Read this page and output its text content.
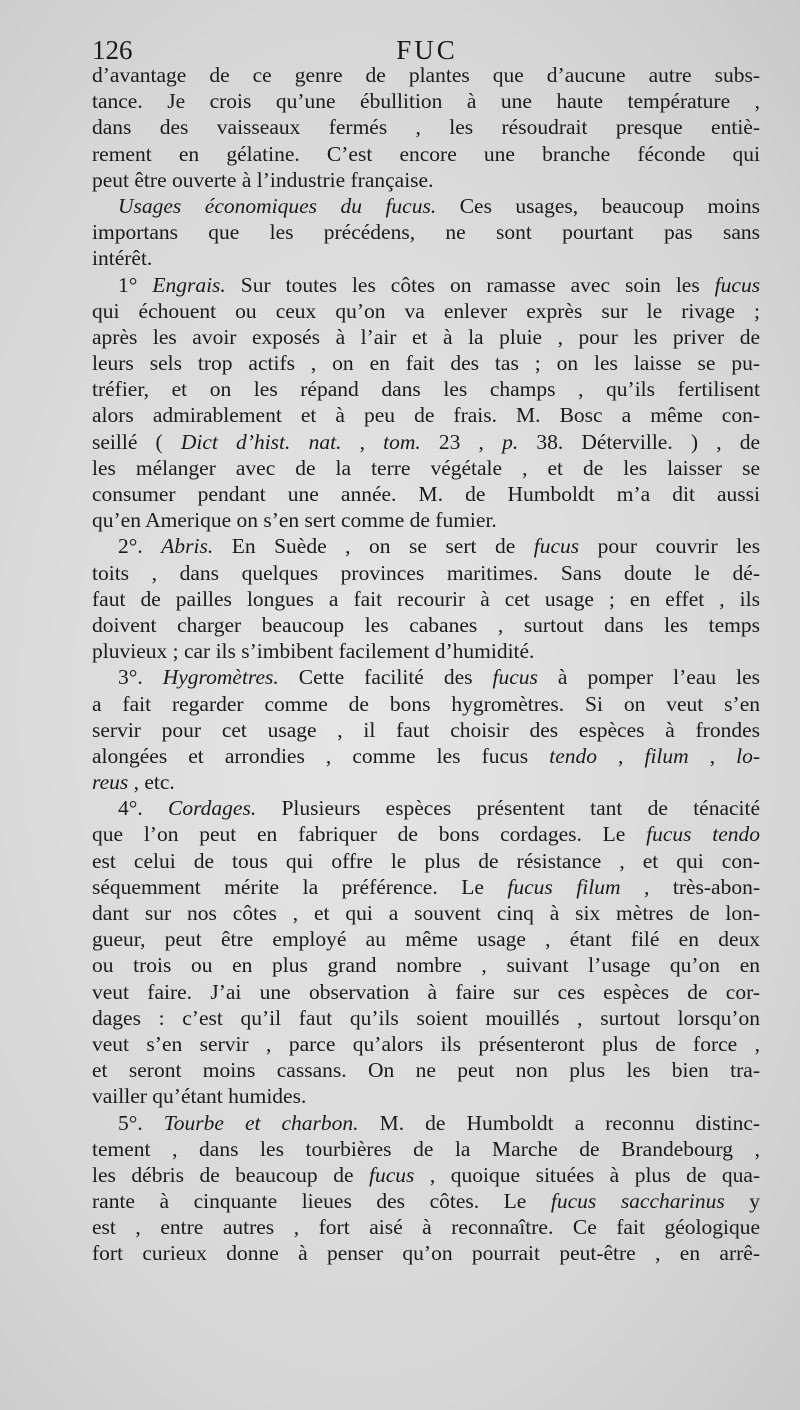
126	FUC
d’avantage de ce genre de plantes que d’aucune autre subs-
tance. Je crois qu’une ébullition à une haute température ,
dans des vaisseaux fermés , les résoudrait presque entiè-
rement en gélatine. C’est encore une branche féconde qui
peut être ouverte à l’industrie française.
Usages économiques du fucus. Ces usages, beaucoup moins
importans que les précédens, ne sont pourtant pas sans
intérêt.
1° Engrais. Sur toutes les côtes on ramasse avec soin les fucus
qui échouent ou ceux qu’on va enlever exprès sur le rivage ;
après les avoir exposés à l’air et à la pluie , pour les priver de
leurs sels trop actifs , on en fait des tas ; on les laisse se pu-
tréfier, et on les répand dans les champs , qu’ils fertilisent
alors admirablement et à peu de frais. M. Bosc a même con-
seillé ( Dict d’hist. nat. , tom. 23 , p. 38. Déterville. ) , de
les mélanger avec de la terre végétale , et de les laisser se
consumer pendant une année. M. de Humboldt m’a dit aussi
qu’en Amerique on s’en sert comme de fumier.
2°. Abris. En Suède , on se sert de fucus pour couvrir les
toits , dans quelques provinces maritimes. Sans doute le dé-
faut de pailles longues a fait recourir à cet usage ; en effet , ils
doivent charger beaucoup les cabanes , surtout dans les temps
pluvieux ; car ils s’imbibent facilement d’humidité.
3°. Hygromètres. Cette facilité des fucus à pomper l’eau les
a fait regarder comme de bons hygromètres. Si on veut s’en
servir pour cet usage , il faut choisir des espèces à frondes
alongées et arrondies , comme les fucus tendo , filum , lo-
reus , etc.
4°. Cordages. Plusieurs espèces présentent tant de ténacité
que l’on peut en fabriquer de bons cordages. Le fucus tendo
est celui de tous qui offre le plus de résistance , et qui con-
séquemment mérite la préférence. Le fucus filum , très-abon-
dant sur nos côtes , et qui a souvent cinq à six mètres de lon-
gueur, peut être employé au même usage , étant filé en deux
ou trois ou en plus grand nombre , suivant l’usage qu’on en
veut faire. J’ai une observation à faire sur ces espèces de cor-
dages : c’est qu’il faut qu’ils soient mouillés , surtout lorsqu’on
veut s’en servir , parce qu’alors ils présenteront plus de force ,
et seront moins cassans. On ne peut non plus les bien tra-
vailler qu’étant humides.
5°. Tourbe et charbon. M. de Humboldt a reconnu distinc-
tement , dans les tourbières de la Marche de Brandebourg ,
les débris de beaucoup de fucus , quoique situées à plus de qua-
rante à cinquante lieues des côtes. Le fucus saccharinus y
est , entre autres , fort aisé à reconnaître. Ce fait géologique
fort curieux donne à penser qu’on pourrait peut-être , en arrê-
